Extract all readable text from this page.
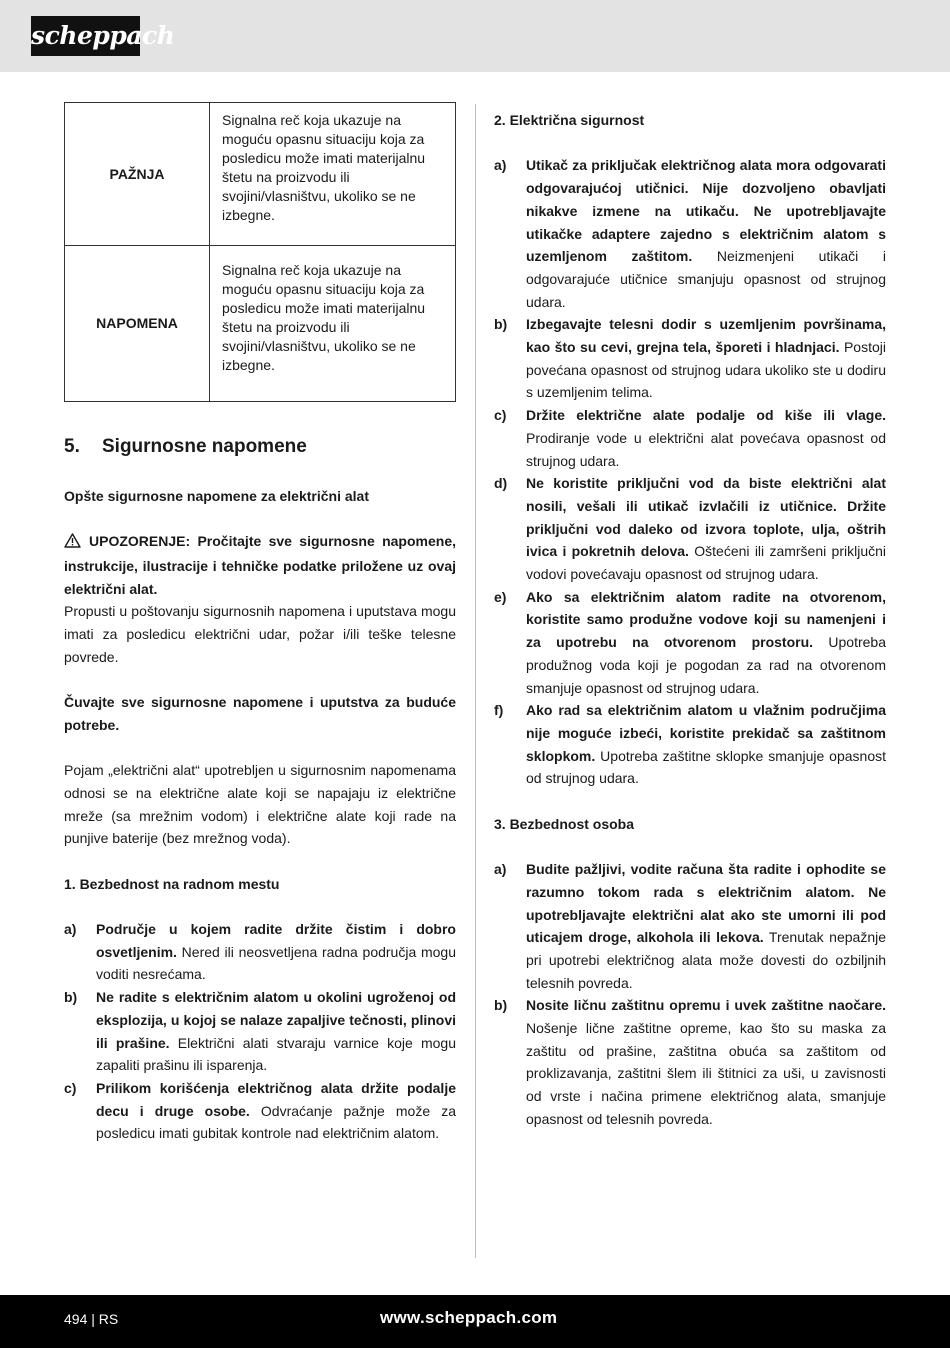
scheppach
PAŽNJA	Signalna reč koja ukazuje na moguću opasnu situaciju koja za posledicu može imati materijalnu štetu na proizvodu ili svojini/vlasništvu, ukoliko se ne izbegne.
NAPOMENA	Signalna reč koja ukazuje na moguću opasnu situaciju koja za posledicu može imati materijalnu štetu na proizvodu ili svojini/vlasništvu, ukoliko se ne izbegne.
5. Sigurnosne napomene

Opšte sigurnosne napomene za električni alat

UPOZORENJE: Pročitajte sve sigurnosne napomene, instrukcije, ilustracije i tehničke podatke priložene uz ovaj električni alat.
Propusti u poštovanju sigurnosnih napomena i uputstava mogu imati za posledicu električni udar, požar i/ili teške telesne povrede.

Čuvajte sve sigurnosne napomene i uputstva za buduće potrebe.

Pojam „električni alat“ upotrebljen u sigurnosnim napomenama odnosi se na električne alate koji se napajaju iz električne mreže (sa mrežnim vodom) i električne alate koji rade na punjive baterije (bez mrežnog voda).

1. Bezbednost na radnom mestu

a) Područje u kojem radite držite čistim i dobro osvetljenim. Nered ili neosvetljena radna područja mogu voditi nesrećama.
b) Ne radite s električnim alatom u okolini ugroženoj od eksplozija, u kojoj se nalaze zapaljive tečnosti, plinovi ili prašine. Električni alati stvaraju varnice koje mogu zapaliti prašinu ili isparenja.
c) Prilikom korišćenja električnog alata držite podalje decu i druge osobe. Odvraćanje pažnje može za posledicu imati gubitak kontrole nad električnim alatom.

2. Električna sigurnost

a) Utikač za priključak električnog alata mora odgovarati odgovarajućoj utičnici. Nije dozvoljeno obavljati nikakve izmene na utikaču. Ne upotrebljavajte utikačke adaptere zajedno s električnim alatom s uzemljenom zaštitom. Neizmenjeni utikači i odgovarajuće utičnice smanjuju opasnost od strujnog udara.
b) Izbegavajte telesni dodir s uzemljenim površinama, kao što su cevi, grejna tela, šporeti i hladnjaci. Postoji povećana opasnost od strujnog udara ukoliko ste u dodiru s uzemljenim telima.
c) Držite električne alate podalje od kiše ili vlage. Prodiranje vode u električni alat povećava opasnost od strujnog udara.
d) Ne koristite priključni vod da biste električni alat nosili, vešali ili utikač izvlačili iz utičnice. Držite priključni vod daleko od izvora toplote, ulja, oštrih ivica i pokretnih delova. Oštećeni ili zamršeni priključni vodovi povećavaju opasnost od strujnog udara.
e) Ako sa električnim alatom radite na otvorenom, koristite samo produžne vodove koji su namenjeni i za upotrebu na otvorenom prostoru. Upotreba produžnog voda koji je pogodan za rad na otvorenom smanjuje opasnost od strujnog udara.
f) Ako rad sa električnim alatom u vlažnim područjima nije moguće izbeći, koristite prekidač sa zaštitnom sklopkom. Upotreba zaštitne sklopke smanjuje opasnost od strujnog udara.

3. Bezbednost osoba

a) Budite pažljivi, vodite računa šta radite i ophodite se razumno tokom rada s električnim alatom. Ne upotrebljavajte električni alat ako ste umorni ili pod uticajem droge, alkohola ili lekova. Trenutak nepažnje pri upotrebi električnog alata može dovesti do ozbiljnih telesnih povreda.
b) Nosite ličnu zaštitnu opremu i uvek zaštitne naočare. Nošenje lične zaštitne opreme, kao što su maska za zaštitu od prašine, zaštitna obuća sa zaštitom od proklizavanja, zaštitni šlem ili štitnici za uši, u zavisnosti od vrste i načina primene električnog alata, smanjuje opasnost od telesnih povreda.
494 | RS	www.scheppach.com
